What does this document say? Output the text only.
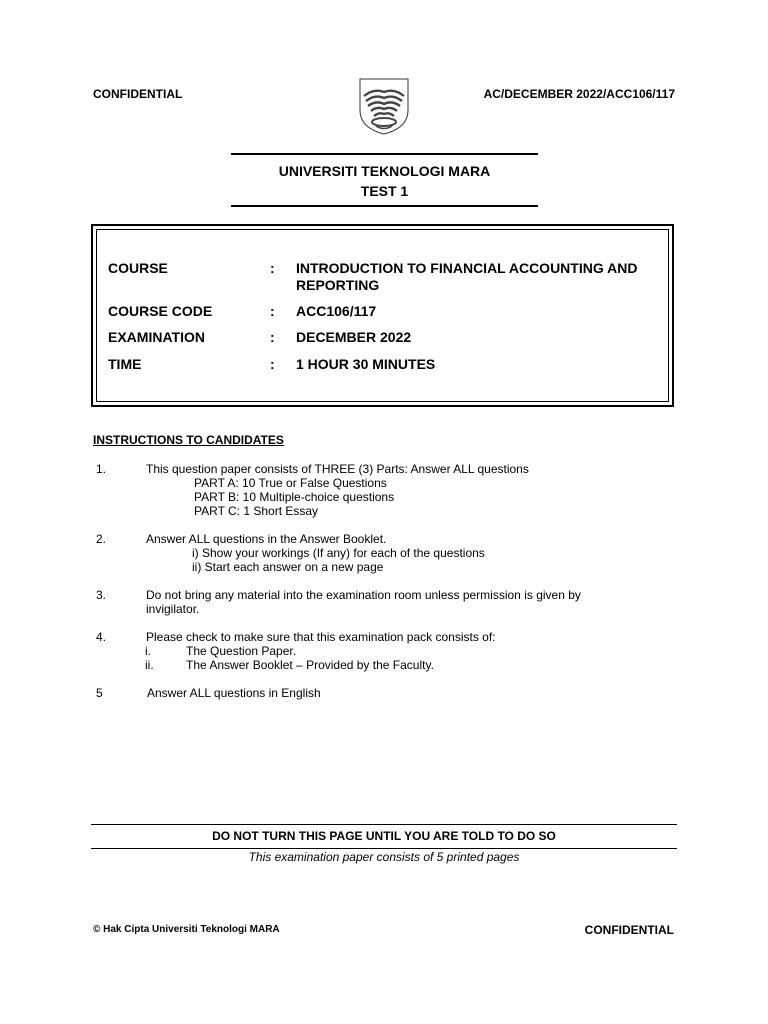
CONFIDENTIAL	AC/DECEMBER 2022/ACC106/117
UNIVERSITI TEKNOLOGI MARA
TEST 1
COURSE	: INTRODUCTION TO FINANCIAL ACCOUNTING AND REPORTING
COURSE CODE	: ACC106/117
EXAMINATION	: DECEMBER 2022
TIME	: 1 HOUR 30 MINUTES
INSTRUCTIONS TO CANDIDATES
1.	This question paper consists of THREE (3) Parts: Answer ALL questions
PART A: 10 True or False Questions
PART B: 10 Multiple-choice questions
PART C: 1 Short Essay
2.	Answer ALL questions in the Answer Booklet.
i) Show your workings (If any) for each of the questions
ii) Start each answer on a new page
3.	Do not bring any material into the examination room unless permission is given by
invigilator.
4.	Please check to make sure that this examination pack consists of:
i.	The Question Paper.
ii.	The Answer Booklet – Provided by the Faculty.
5	Answer ALL questions in English
DO NOT TURN THIS PAGE UNTIL YOU ARE TOLD TO DO SO
This examination paper consists of 5 printed pages
© Hak Cipta Universiti Teknologi MARA	CONFIDENTIAL
